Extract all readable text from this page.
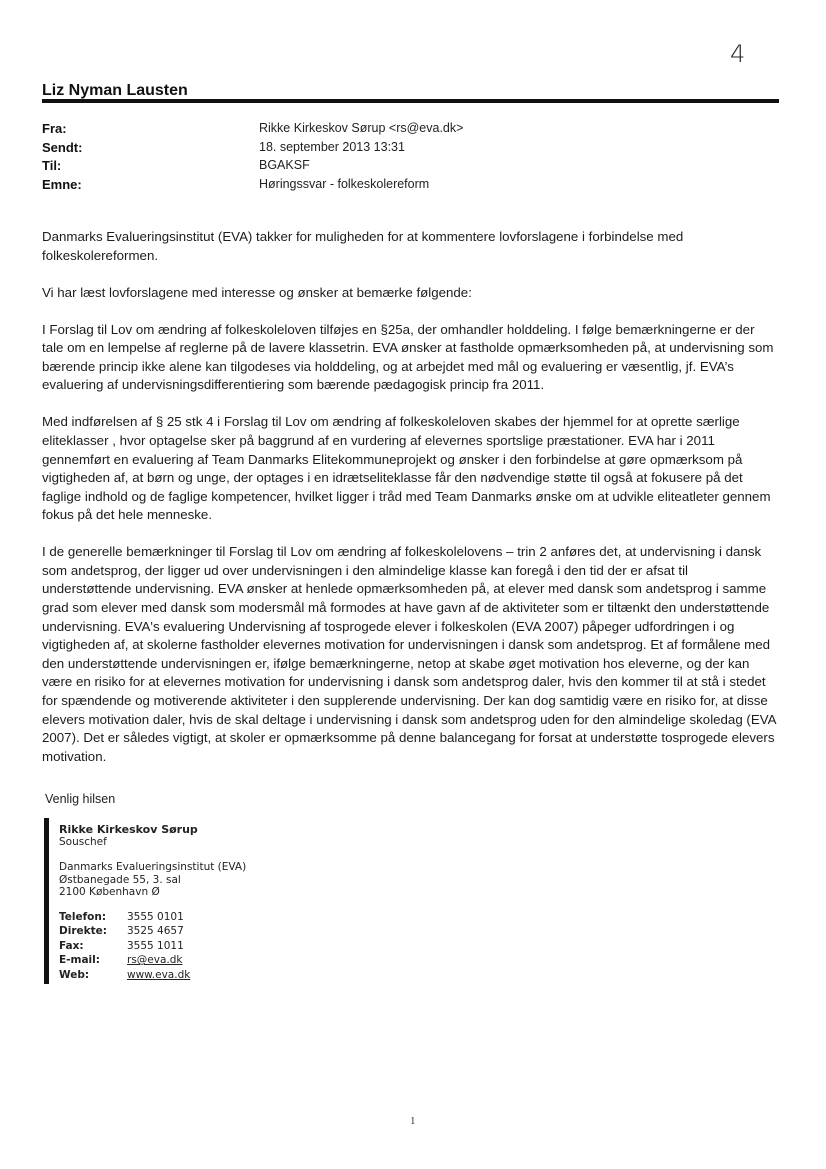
4
Liz Nyman Lausten
Fra:	Rikke Kirkeskov Sørup <rs@eva.dk>
Sendt:	18. september 2013 13:31
Til:	BGAKSF
Emne:	Høringssvar - folkeskolereform

Danmarks Evalueringsinstitut (EVA) takker for muligheden for at kommentere lovforslagene i forbindelse med folkeskolereformen.

Vi har læst lovforslagene med interesse og ønsker at bemærke følgende:

I Forslag til Lov om ændring af folkeskoleloven tilføjes en §25a, der omhandler holddeling. I følge bemærkningerne er der tale om en lempelse af reglerne på de lavere klassetrin. EVA ønsker at fastholde opmærksomheden på, at undervisning som bærende princip ikke alene kan tilgodeses via holddeling, og at arbejdet med mål og evaluering er væsentlig, jf. EVA’s evaluering af undervisningsdifferentiering som bærende pædagogisk princip fra 2011.

Med indførelsen af § 25 stk 4 i Forslag til Lov om ændring af folkeskoleloven skabes der hjemmel for at oprette særlige eliteklasser , hvor optagelse sker på baggrund af en vurdering af elevernes sportslige præstationer. EVA har i 2011 gennemført en evaluering af Team Danmarks Elitekommuneprojekt og ønsker i den forbindelse at gøre opmærksom på vigtigheden af, at børn og unge, der optages i en idrætseliteklasse får den nødvendige støtte til også at fokusere på det faglige indhold og de faglige kompetencer, hvilket ligger i tråd med Team Danmarks ønske om at udvikle eliteatleter gennem fokus på det hele menneske.

I de generelle bemærkninger til Forslag til Lov om ændring af folkeskolelovens – trin 2 anføres det, at undervisning i dansk som andetsprog, der ligger ud over undervisningen i den almindelige klasse kan foregå i den tid der er afsat til understøttende undervisning. EVA ønsker at henlede opmærksomheden på, at elever med dansk som andetsprog i samme grad som elever med dansk som modersmål må formodes at have gavn af de aktiviteter som er tiltænkt den understøttende undervisning. EVA's evaluering Undervisning af tosprogede elever i folkeskolen (EVA 2007) påpeger udfordringen i og vigtigheden af, at skolerne fastholder elevernes motivation for undervisningen i dansk som andetsprog. Et af formålene med den understøttende undervisningen er, ifølge bemærkningerne, netop at skabe øget motivation hos eleverne, og der kan være en risiko for at elevernes motivation for undervisning i dansk som andetsprog daler, hvis den kommer til at stå i stedet for spændende og motiverende aktiviteter i den supplerende undervisning. Der kan dog samtidig være en risiko for, at disse elevers motivation daler, hvis de skal deltage i undervisning i dansk som andetsprog uden for den almindelige skoledag (EVA 2007). Det er således vigtigt, at skoler er opmærksomme på denne balancegang for forsat at understøtte tosprogede elevers motivation.

Venlig hilsen
Rikke Kirkeskov Sørup
Souschef
Danmarks Evalueringsinstitut (EVA)
Østbanegade 55, 3. sal
2100 København Ø
Telefon: 3555 0101
Direkte: 3525 4657
Fax:	3555 1011
E-mail:	rs@eva.dk
Web:	www.eva.dk
1
